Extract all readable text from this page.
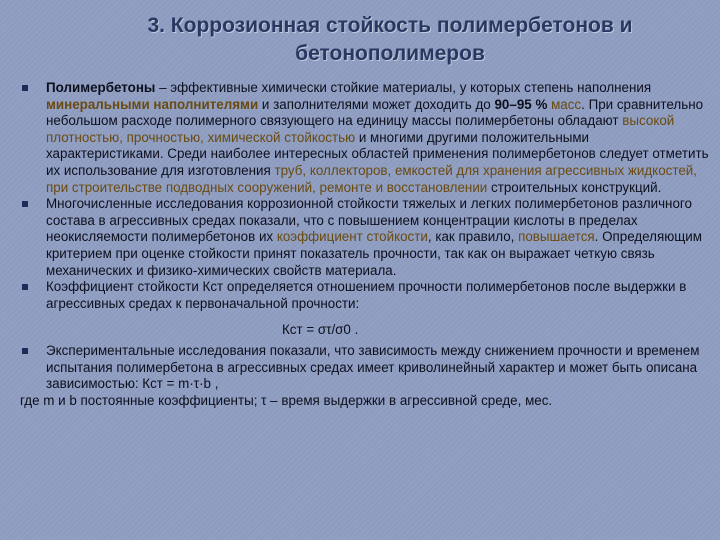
3. Коррозионная стойкость полимербетонов и
бетонополимеров

Полимербетоны – эффективные химически стойкие материалы, у которых степень наполнения минеральными наполнителями и заполнителями может доходить до 90–95 % масс. При сравнительно небольшом расходе полимерного связующего на единицу массы полимербетоны обладают высокой плотностью, прочностью, химической стойкостью и многими другими положительными характеристиками. Среди наиболее интересных областей применения полимербетонов следует отметить их использование для изготовления труб, коллекторов, емкостей для хранения агрессивных жидкостей, при строительстве подводных сооружений, ремонте и восстановлении строительных конструкций.

Многочисленные исследования коррозионной стойкости тяжелых и легких полимербетонов различного состава в агрессивных средах показали, что с повышением концентрации кислоты в пределах неокисляемости полимербетонов их коэффициент стойкости, как правило, повышается. Определяющим критерием при оценке стойкости принят показатель прочности, так как он выражает четкую связь механических и физико-химических свойств материала.

Коэффициент стойкости Кст определяется отношением прочности полимербетонов после выдержки в агрессивных средах к первоначальной прочности:

Кст = στ/σ0 .

Экспериментальные исследования показали, что зависимость между снижением прочности и временем испытания полимербетона в агрессивных средах имеет криволинейный характер и может быть описана зависимостью: Кст = m·τ·b ,

где m и b постоянные коэффициенты; τ – время выдержки в агрессивной среде, мес.
